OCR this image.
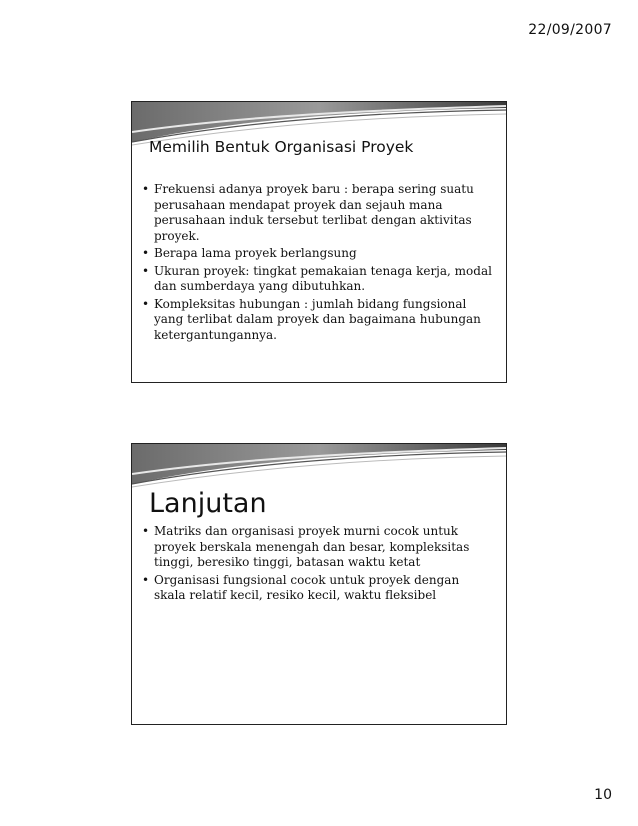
22/09/2007
Memilih Bentuk Organisasi Proyek
• Frekuensi adanya proyek baru : berapa sering suatu perusahaan mendapat proyek dan sejauh mana perusahaan induk tersebut terlibat dengan aktivitas proyek.
• Berapa lama proyek berlangsung
• Ukuran proyek: tingkat pemakaian tenaga kerja, modal dan sumberdaya yang dibutuhkan.
• Kompleksitas hubungan : jumlah bidang fungsional yang terlibat dalam proyek dan bagaimana hubungan ketergantungannya.
Lanjutan
• Matriks dan organisasi proyek murni cocok untuk proyek berskala menengah dan besar, kompleksitas tinggi, beresiko tinggi, batasan waktu ketat
• Organisasi fungsional cocok untuk proyek dengan skala relatif kecil, resiko kecil, waktu fleksibel
10
